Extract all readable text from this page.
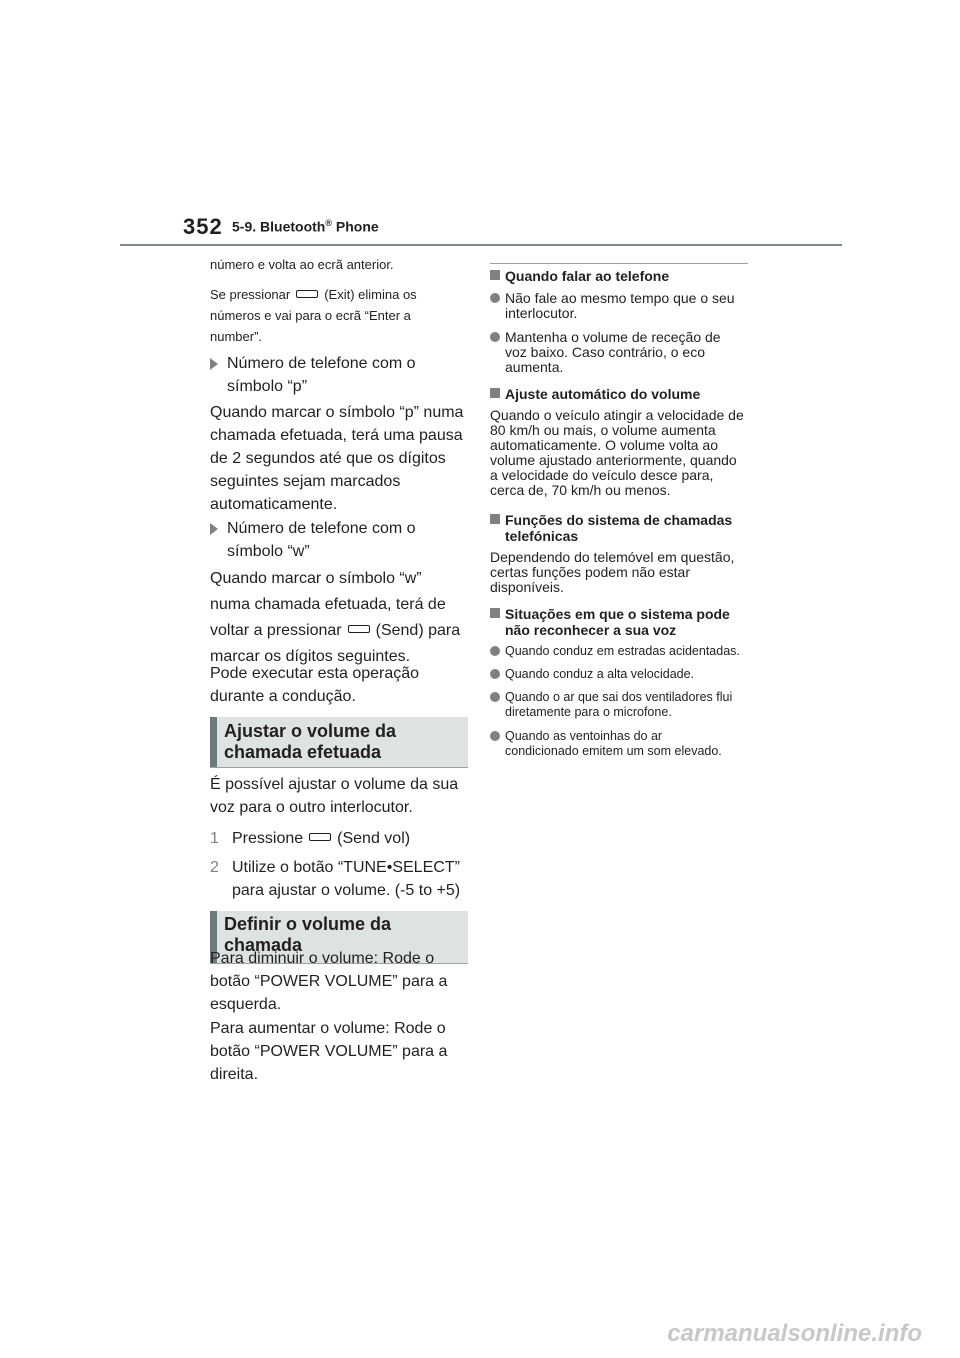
352 5-9. Bluetooth® Phone
número e volta ao ecrã anterior.
Se pressionar	(Exit) elimina os
números e vai para o ecrã “Enter a
number”.
Número de telefone com o símbolo “p”
Quando marcar o símbolo “p” numa chamada efetuada, terá uma pausa de 2 segundos até que os dígitos seguintes sejam marcados automaticamente.
Número de telefone com o símbolo “w”
Quando marcar o símbolo “w”
numa chamada efetuada, terá de
voltar a pressionar (Send) para
marcar os dígitos seguintes.
Pode executar esta operação durante a condução.
Ajustar o volume da chamada efetuada
É possível ajustar o volume da sua voz para o outro interlocutor.
1 Pressione (Send vol)
2 Utilize o botão “TUNE•SELECT” para ajustar o volume. (-5 to +5)
Definir o volume da chamada
Para diminuir o volume: Rode o botão “POWER VOLUME” para a esquerda.
Para aumentar o volume: Rode o botão “POWER VOLUME” para a direita.
Quando falar ao telefone
Não fale ao mesmo tempo que o seu interlocutor.
Mantenha o volume de receção de voz baixo. Caso contrário, o eco aumenta.
Ajuste automático do volume
Quando o veículo atingir a velocidade de 80 km/h ou mais, o volume aumenta automaticamente. O volume volta ao volume ajustado anteriormente, quando a velocidade do veículo desce para, cerca de, 70 km/h ou menos.
Funções do sistema de chamadas telefónicas
Dependendo do telemóvel em questão, certas funções podem não estar disponíveis.
Situações em que o sistema pode não reconhecer a sua voz
Quando conduz em estradas acidentadas.
Quando conduz a alta velocidade.
Quando o ar que sai dos ventiladores flui diretamente para o microfone.
Quando as ventoinhas do ar condicionado emitem um som elevado.
carmanualsonline.info
